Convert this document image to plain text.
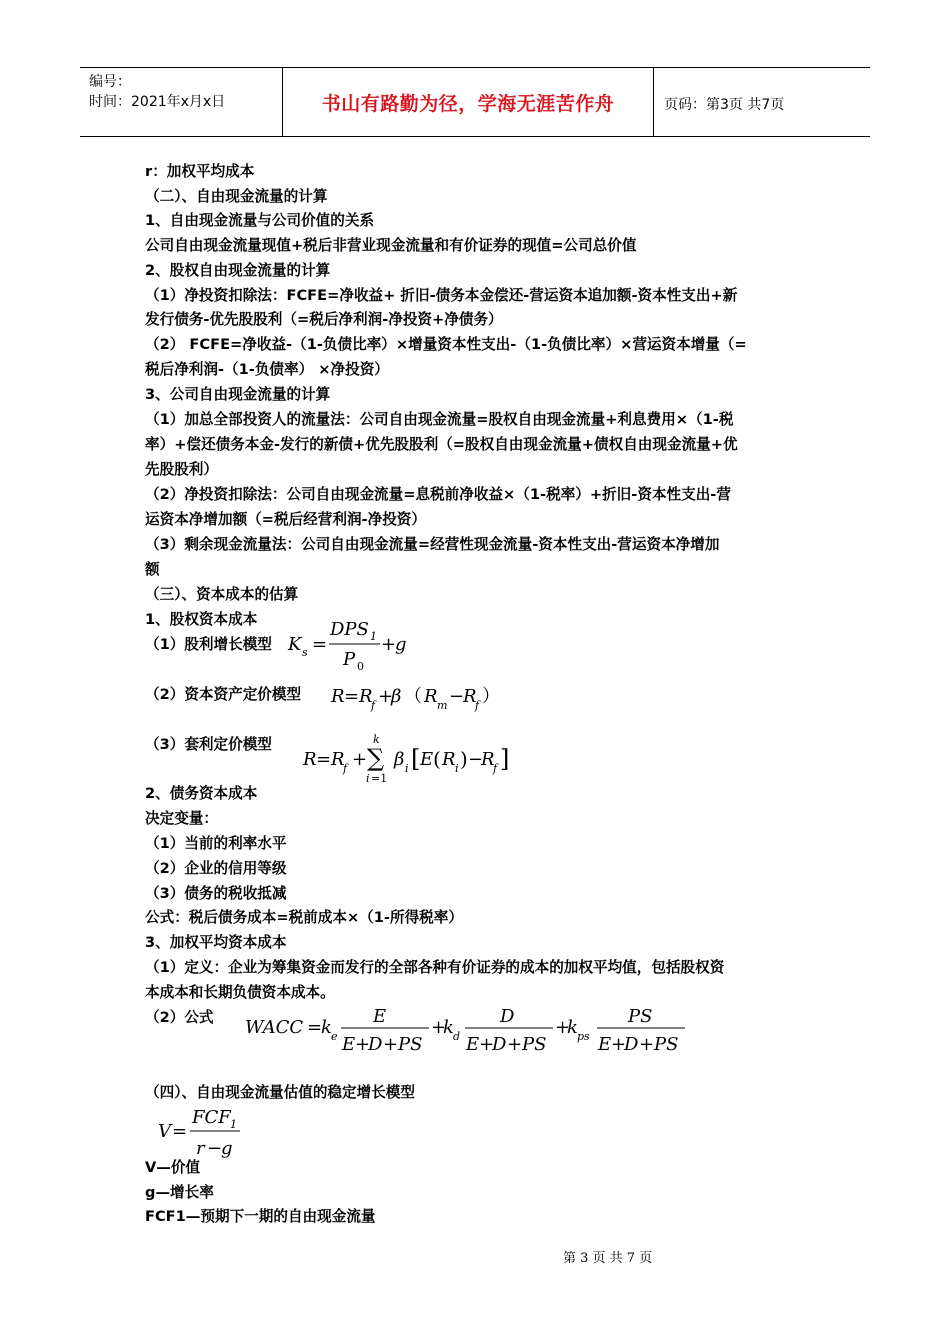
编号：
时间：2021年x月x日	书山有路勤为径，学海无涯苦作舟	页码：第3页 共7页
r：加权平均成本
（二）、自由现金流量的计算
1、自由现金流量与公司价值的关系
公司自由现金流量现值+税后非营业现金流量和有价证券的现值=公司总价值
2、股权自由现金流量的计算
（1）净投资扣除法：FCFE=净收益+ 折旧-债务本金偿还-营运资本追加额-资本性支出+新
发行债务-优先股股利（=税后净利润-净投资+净债务）
（2） FCFE=净收益-（1-负债比率）×增量资本性支出-（1-负债比率）×营运资本增量（=
税后净利润-（1-负债率） ×净投资）
3、公司自由现金流量的计算
（1）加总全部投资人的流量法：公司自由现金流量=股权自由现金流量+利息费用×（1-税
率）+偿还债务本金-发行的新债+优先股股利（=股权自由现金流量+债权自由现金流量+优
先股股利）
（2）净投资扣除法：公司自由现金流量=息税前净收益×（1-税率）+折旧-资本性支出-营
运资本净增加额（=税后经营利润-净投资）
（3）剩余现金流量法：公司自由现金流量=经营性现金流量-资本性支出-营运资本净增加
额
（三）、资本成本的估算
1、股权资本成本
（1）股利增长模型
（2）资本资产定价模型
（3）套利定价模型
2、债务资本成本
决定变量：
（1）当前的利率水平
（2）企业的信用等级
（3）债务的税收抵减
公式：税后债务成本=税前成本×（1-所得税率）
3、加权平均资本成本
（1）定义：企业为筹集资金而发行的全部各种有价证券的成本的加权平均值，包括股权资
本成本和长期负债资本成本。
（2）公式
（四）、自由现金流量估值的稳定增长模型
V—价值
g—增长率
FCF1—预期下一期的自由现金流量
K s =
DPS 1
P 0
+
g
R = R
f +
β （ R m −
R
f ）
R = R
f +
k
∑
i =1
β i [ E ( R i ) −
R
f ]
WACC =
k e
E
E +
D + PS
+
k d
D
E +
D + PS
+
k ps
PS
E +
D + PS
V =
FCF 1
r −
g
第 3 页 共 7 页
